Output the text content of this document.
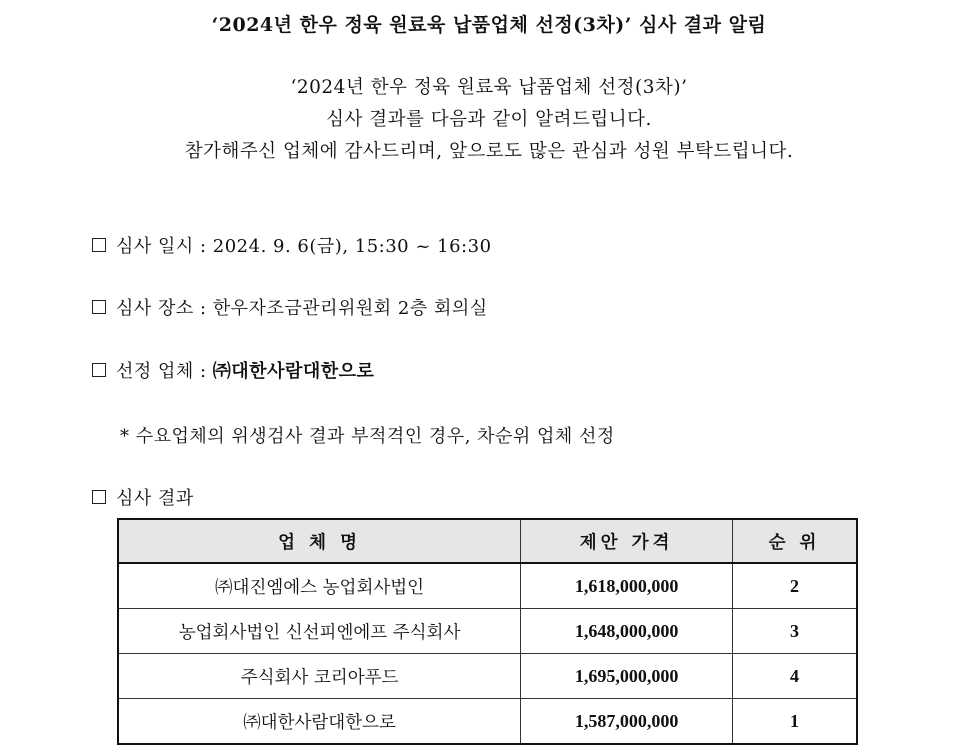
‘2024년 한우 정육 원료육 납품업체 선정(3차)’ 심사 결과 알림
‘2024년 한우 정육 원료육 납품업체 선정(3차)’
심사 결과를 다음과 같이 알려드립니다.
참가해주신 업체에 감사드리며, 앞으로도 많은 관심과 성원 부탁드립니다.
심사 일시 : 2024. 9. 6(금), 15:30 ~ 16:30
심사 장소 : 한우자조금관리위원회 2층 회의실
선정 업체 : ㈜대한사람대한으로
* 수요업체의 위생검사 결과 부적격인 경우, 차순위 업체 선정
심사 결과
업 체 명	제안 가격	순 위
㈜대진엠에스 농업회사법인	1,618,000,000	2
농업회사법인 신선피엔에프 주식회사	1,648,000,000	3
주식회사 코리아푸드	1,695,000,000	4
㈜대한사람대한으로	1,587,000,000	1
